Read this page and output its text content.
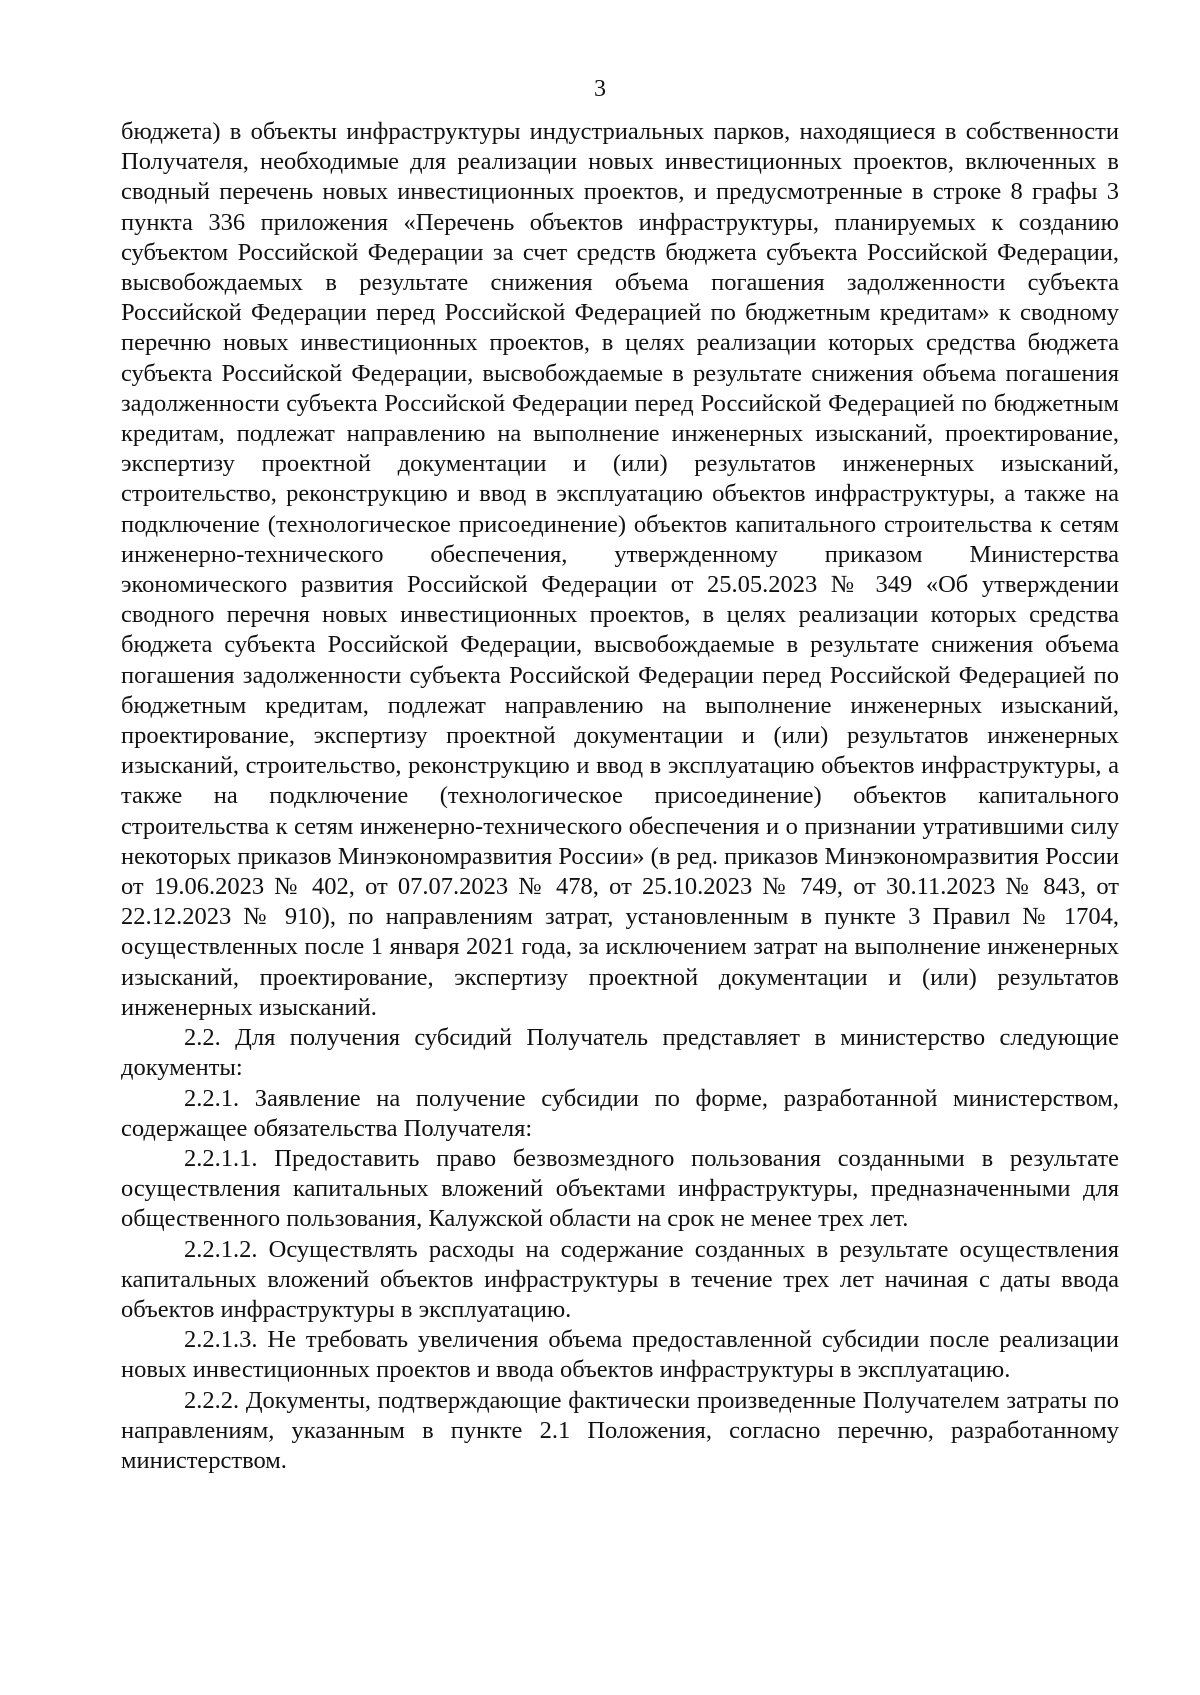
3

бюджета) в объекты инфраструктуры индустриальных парков, находящиеся в собственности Получателя, необходимые для реализации новых инвестиционных проектов, включенных в сводный перечень новых инвестиционных проектов, и предусмотренные в строке 8 графы 3 пункта 336 приложения «Перечень объектов инфраструктуры, планируемых к созданию субъектом Российской Федерации за счет средств бюджета субъекта Российской Федерации, высвобождаемых в результате снижения объема погашения задолженности субъекта Российской Федерации перед Российской Федерацией по бюджетным кредитам» к сводному перечню новых инвестиционных проектов, в целях реализации которых средства бюджета субъекта Российской Федерации, высвобождаемые в результате снижения объема погашения задолженности субъекта Российской Федерации перед Российской Федерацией по бюджетным кредитам, подлежат направлению на выполнение инженерных изысканий, проектирование, экспертизу проектной документации и (или) результатов инженерных изысканий, строительство, реконструкцию и ввод в эксплуатацию объектов инфраструктуры, а также на подключение (технологическое присоединение) объектов капитального строительства к сетям инженерно-технического обеспечения, утвержденному приказом Министерства экономического развития Российской Федерации от 25.05.2023 № 349 «Об утверждении сводного перечня новых инвестиционных проектов, в целях реализации которых средства бюджета субъекта Российской Федерации, высвобождаемые в результате снижения объема погашения задолженности субъекта Российской Федерации перед Российской Федерацией по бюджетным кредитам, подлежат направлению на выполнение инженерных изысканий, проектирование, экспертизу проектной документации и (или) результатов инженерных изысканий, строительство, реконструкцию и ввод в эксплуатацию объектов инфраструктуры, а также на подключение (технологическое присоединение) объектов капитального строительства к сетям инженерно-технического обеспечения и о признании утратившими силу некоторых приказов Минэкономразвития России» (в ред. приказов Минэкономразвития России от 19.06.2023 № 402, от 07.07.2023 № 478, от 25.10.2023 № 749, от 30.11.2023 № 843, от 22.12.2023 № 910), по направлениям затрат, установленным в пункте 3 Правил № 1704, осуществленных после 1 января 2021 года, за исключением затрат на выполнение инженерных изысканий, проектирование, экспертизу проектной документации и (или) результатов инженерных изысканий.

2.2. Для получения субсидий Получатель представляет в министерство следующие документы:

2.2.1. Заявление на получение субсидии по форме, разработанной министерством, содержащее обязательства Получателя:

2.2.1.1. Предоставить право безвозмездного пользования созданными в результате осуществления капитальных вложений объектами инфраструктуры, предназначенными для общественного пользования, Калужской области на срок не менее трех лет.

2.2.1.2. Осуществлять расходы на содержание созданных в результате осуществления капитальных вложений объектов инфраструктуры в течение трех лет начиная с даты ввода объектов инфраструктуры в эксплуатацию.

2.2.1.3. Не требовать увеличения объема предоставленной субсидии после реализации новых инвестиционных проектов и ввода объектов инфраструктуры в эксплуатацию.

2.2.2. Документы, подтверждающие фактически произведенные Получателем затраты по направлениям, указанным в пункте 2.1 Положения, согласно перечню, разработанному министерством.
